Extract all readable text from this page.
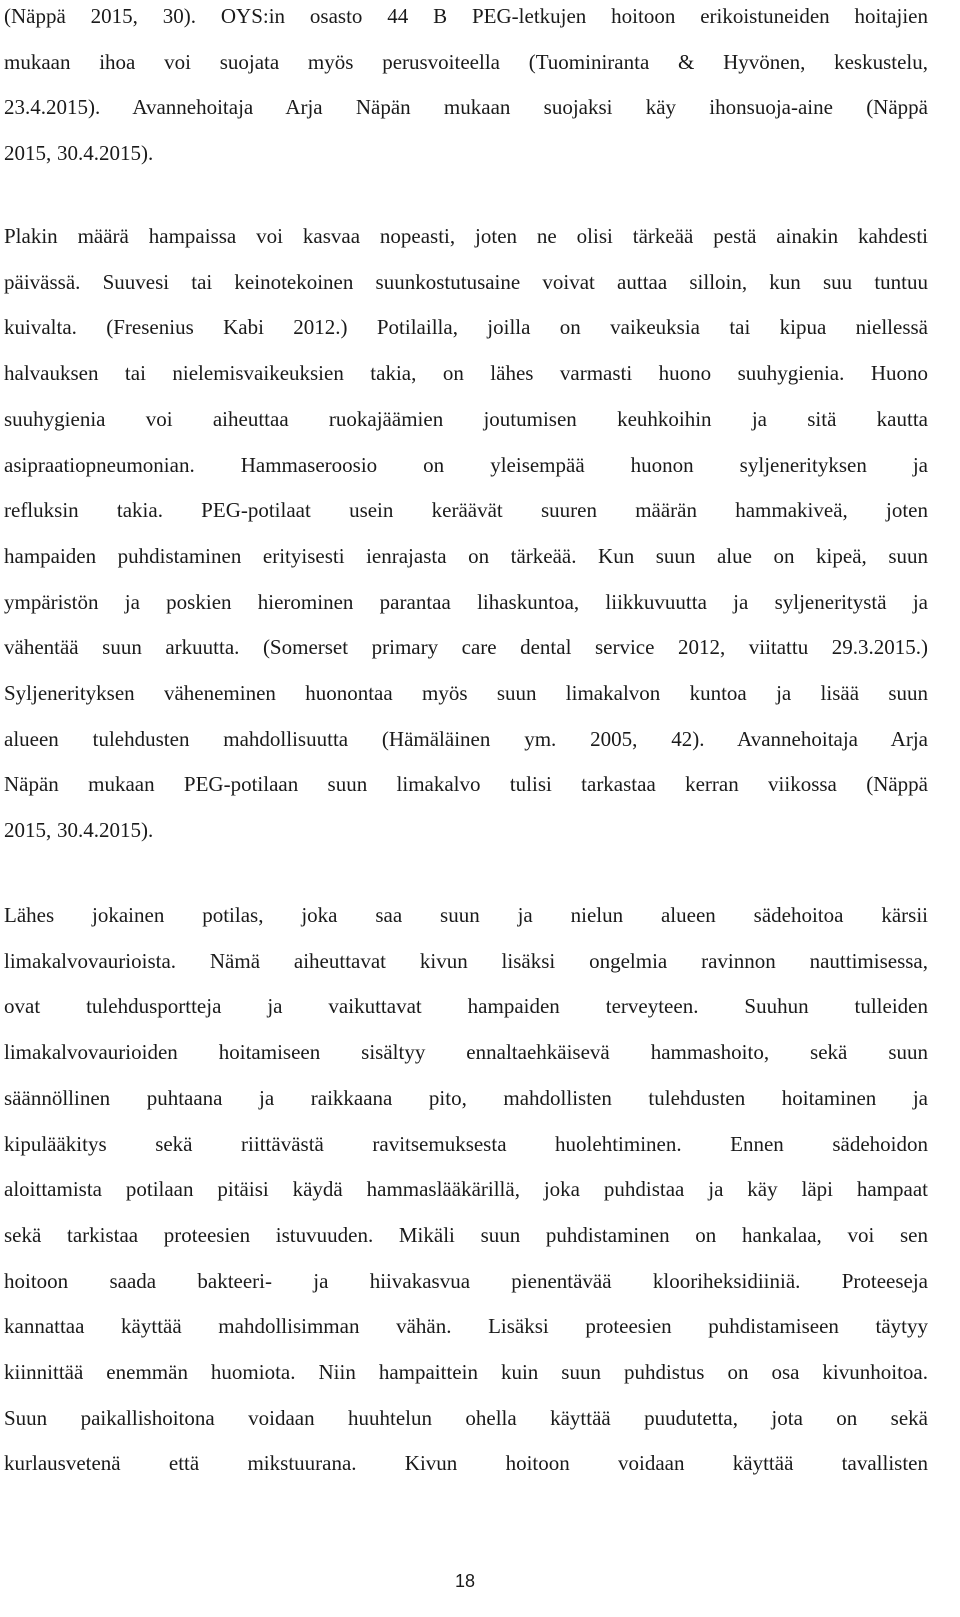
(Näppä 2015, 30). OYS:in osasto 44 B PEG-letkujen hoitoon erikoistuneiden hoitajien
mukaan ihoa voi suojata myös perusvoiteella (Tuominiranta & Hyvönen, keskustelu,
23.4.2015). Avannehoitaja Arja Näpän mukaan suojaksi käy ihonsuoja-aine (Näppä
2015, 30.4.2015).
Plakin määrä hampaissa voi kasvaa nopeasti, joten ne olisi tärkeää pestä ainakin kahdesti
päivässä. Suuvesi tai keinotekoinen suunkostutusaine voivat auttaa silloin, kun suu tuntuu
kuivalta. (Fresenius Kabi 2012.) Potilailla, joilla on vaikeuksia tai kipua niellessä
halvauksen tai nielemisvaikeuksien takia, on lähes varmasti huono suuhygienia. Huono
suuhygienia voi aiheuttaa ruokajäämien joutumisen keuhkoihin ja sitä kautta
asipraatiopneumonian. Hammaseroosio on yleisempää huonon syljenerityksen ja
refluksin takia. PEG-potilaat usein keräävät suuren määrän hammakiveä, joten
hampaiden puhdistaminen erityisesti ienrajasta on tärkeää. Kun suun alue on kipeä, suun
ympäristön ja poskien hierominen parantaa lihaskuntoa, liikkuvuutta ja syljeneritystä ja
vähentää suun arkuutta. (Somerset primary care dental service 2012, viitattu 29.3.2015.)
Syljenerityksen väheneminen huonontaa myös suun limakalvon kuntoa ja lisää suun
alueen tulehdusten mahdollisuutta (Hämäläinen ym. 2005, 42). Avannehoitaja Arja
Näpän mukaan PEG-potilaan suun limakalvo tulisi tarkastaa kerran viikossa (Näppä
2015, 30.4.2015).
Lähes jokainen potilas, joka saa suun ja nielun alueen sädehoitoa kärsii
limakalvovaurioista. Nämä aiheuttavat kivun lisäksi ongelmia ravinnon nauttimisessa,
ovat tulehdusportteja ja vaikuttavat hampaiden terveyteen. Suuhun tulleiden
limakalvovaurioiden hoitamiseen sisältyy ennaltaehkäisevä hammashoito, sekä suun
säännöllinen puhtaana ja raikkaana pito, mahdollisten tulehdusten hoitaminen ja
kipulääkitys sekä riittävästä ravitsemuksesta huolehtiminen. Ennen sädehoidon
aloittamista potilaan pitäisi käydä hammaslääkärillä, joka puhdistaa ja käy läpi hampaat
sekä tarkistaa proteesien istuvuuden. Mikäli suun puhdistaminen on hankalaa, voi sen
hoitoon saada bakteeri- ja hiivakasvua pienentävää klooriheksidiiniä. Proteeseja
kannattaa käyttää mahdollisimman vähän. Lisäksi proteesien puhdistamiseen täytyy
kiinnittää enemmän huomiota. Niin hampaittein kuin suun puhdistus on osa kivunhoitoa.
Suun paikallishoitona voidaan huuhtelun ohella käyttää puudutetta, jota on sekä
kurlausvetenä että mikstuurana. Kivun hoitoon voidaan käyttää tavallisten
18
